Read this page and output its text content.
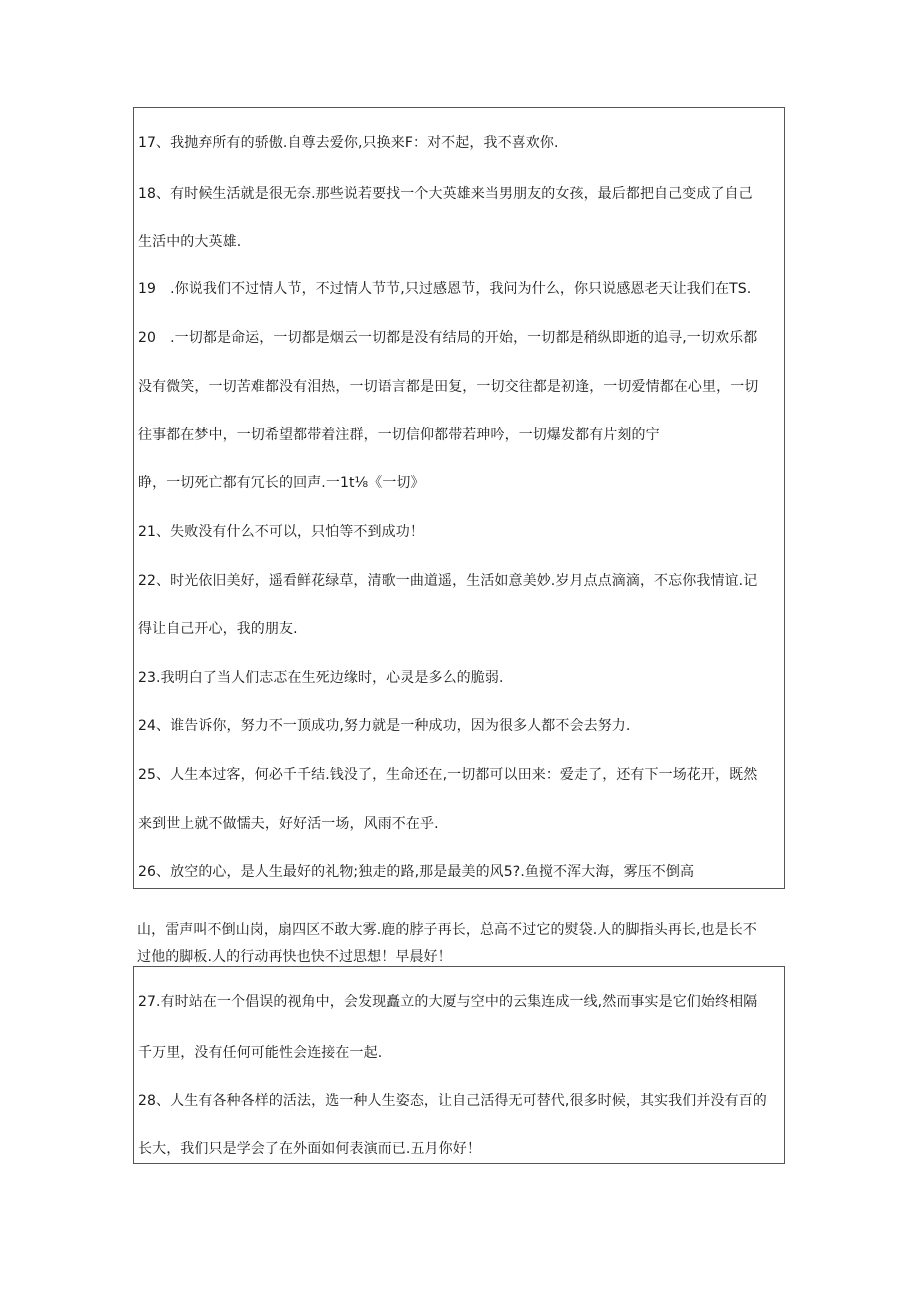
17、我抛弃所有的骄傲.自尊去爱你,只换来F：对不起，我不喜欢你.
18、有时候生活就是很无奈.那些说若要找一个大英雄来当男朋友的女孩，最后都把自己变成了自己
生活中的大英雄.
19　.你说我们不过情人节，不过情人节节,只过感恩节，我问为什么，你只说感恩老天让我们在TS.
20　.一切都是命运，一切都是烟云一切都是没有结局的开始，一切都是稍纵即逝的追寻,一切欢乐都
没有微笑，一切苦难都没有泪热，一切语言都是田复，一切交往都是初逢，一切爱情都在心里，一切
往事都在梦中，一切希望都带着注群，一切信仰都带若珅吟，一切爆发都有片刻的宁
睁，一切死亡都有冗长的回声.一1t⅛《一切》
21、失败没有什么不可以，只怕等不到成功！
22、时光依旧美好，遥看鲜花绿草，清歌一曲道遥，生活如意美妙.岁月点点滴滴，不忘你我情谊.记
得让自己开心，我的朋友.
23.我明白了当人们志忑在生死边缘时，心灵是多么的脆弱.
24、谁告诉你，努力不一顶成功,努力就是一种成功，因为很多人都不会去努力.
25、人生本过客，何必千千结.钱没了，生命还在,一切都可以田来：爱走了，还有下一场花开，既然
来到世上就不做懦夫，好好活一场，风雨不在乎.
26、放空的心，是人生最好的礼物;独走的路,那是最美的风5?.鱼搅不浑大海，雾压不倒高
山，雷声叫不倒山岗，扇四区不敢大雾.鹿的脖子再长，总高不过它的熨袋.人的脚指头再长,也是长不
过他的脚板.人的行动再快也快不过思想！早晨好！
27.有时站在一个倡误的视角中，会发现矗立的大厦与空中的云集连成一线,然而事实是它们始终相隔
千万里，没有任何可能性会连接在一起.
28、人生有各种各样的活法，选一种人生姿态，让自己活得无可替代,很多时候，其实我们并没有百的
长大，我们只是学会了在外面如何表演而已.五月你好！
